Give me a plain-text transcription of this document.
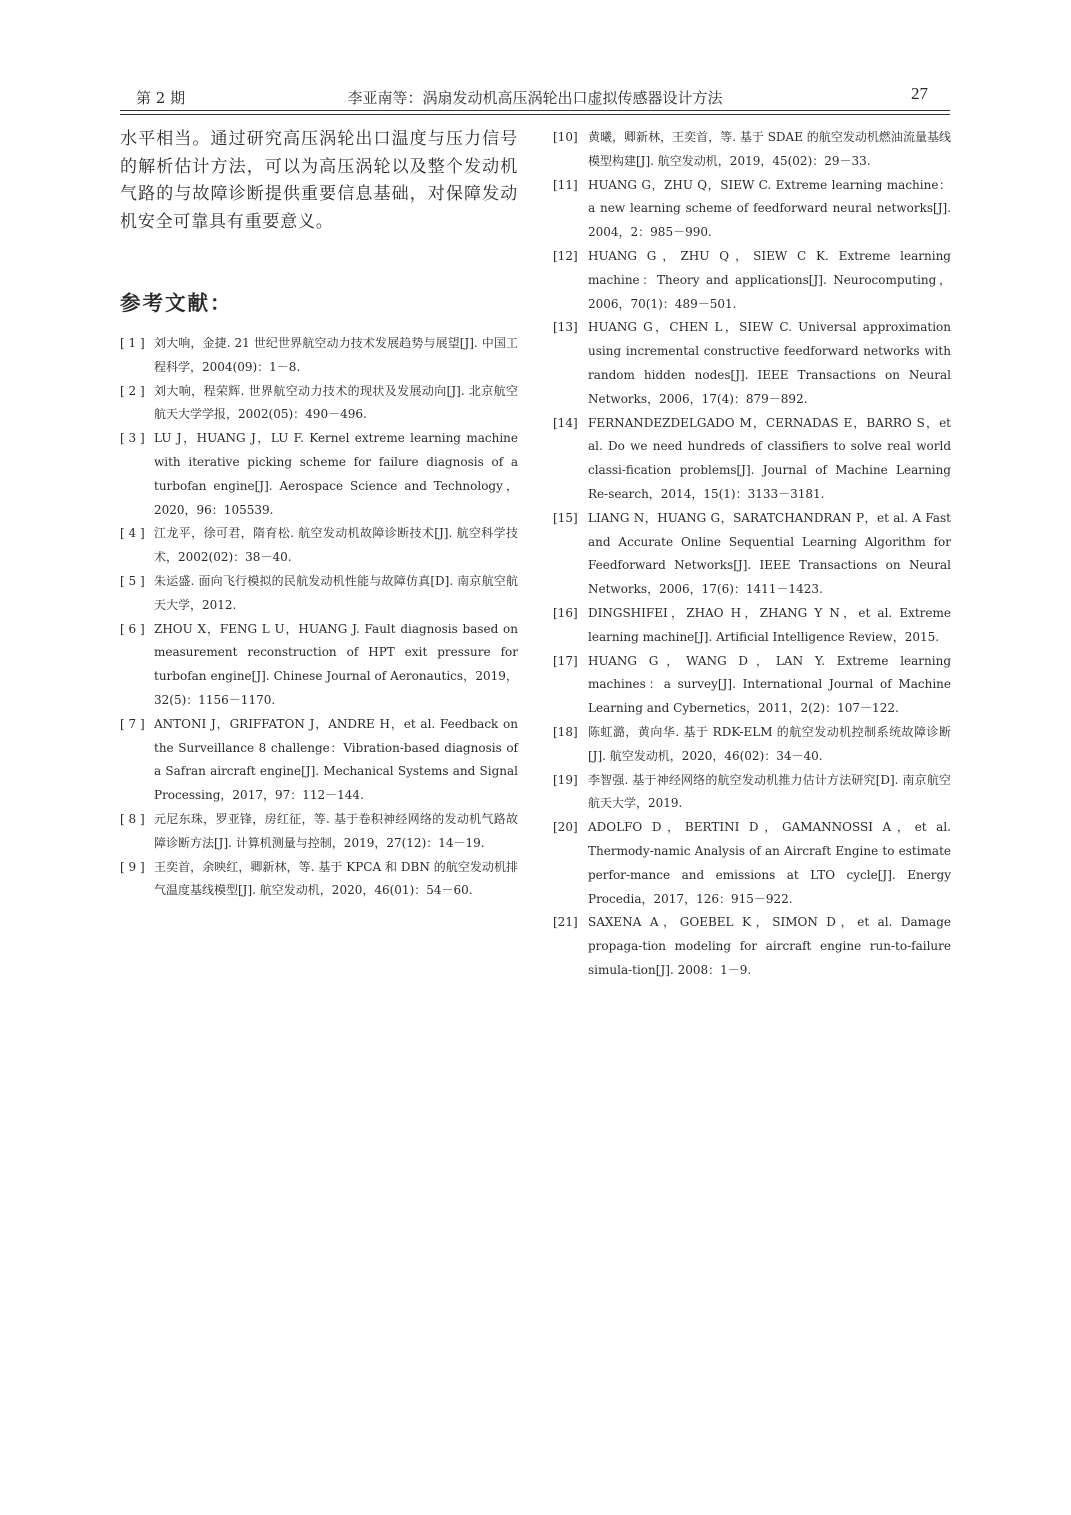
第 2 期	李亚南等：涡扇发动机高压涡轮出口虚拟传感器设计方法	27

水平相当。通过研究高压涡轮出口温度与压力信号的解析估计方法，可以为高压涡轮以及整个发动机气路的与故障诊断提供重要信息基础，对保障发动机安全可靠具有重要意义。

参考文献：

[ 1 ] 刘大响，金捷. 21 世纪世界航空动力技术发展趋势与展望[J]. 中国工程科学，2004(09)：1－8.

[ 2 ] 刘大响，程荣辉. 世界航空动力技术的现状及发展动向[J]. 北京航空航天大学学报，2002(05)：490－496.

[ 3 ] LU J，HUANG J，LU F. Kernel extreme learning machine with iterative picking scheme for failure diagnosis of a turbofan engine[J]. Aerospace Science and Technology，2020，96：105539.

[ 4 ] 江龙平，徐可君，隋育松. 航空发动机故障诊断技术[J]. 航空科学技术，2002(02)：38－40.

[ 5 ] 朱运盛. 面向飞行模拟的民航发动机性能与故障仿真[D]. 南京航空航天大学，2012.

[ 6 ] ZHOU X，FENG L U，HUANG J. Fault diagnosis based on measurement reconstruction of HPT exit pressure for turbofan engine[J]. Chinese Journal of Aeronautics，2019，32(5)：1156－1170.

[ 7 ] ANTONI J，GRIFFATON J，ANDRE H，et al. Feedback on the Surveillance 8 challenge：Vibration-based diagnosis of a Safran aircraft engine[J]. Mechanical Systems and Signal Processing，2017，97：112－144.

[ 8 ] 元尼东珠，罗亚锋，房红征，等. 基于卷积神经网络的发动机气路故障诊断方法[J]. 计算机测量与控制，2019，27(12)：14－19.

[ 9 ] 王奕首，余映红，卿新林，等. 基于 KPCA 和 DBN 的航空发动机排气温度基线模型[J]. 航空发动机，2020，46(01)：54－60.

[10] 黄曦，卿新林，王奕首，等. 基于 SDAE 的航空发动机燃油流量基线模型构建[J]. 航空发动机，2019，45(02)：29－33.

[11] HUANG G，ZHU Q，SIEW C. Extreme learning machine：a new learning scheme of feedforward neural networks[J]. 2004，2：985－990.

[12] HUANG G，ZHU Q，SIEW C K. Extreme learning machine：Theory and applications[J]. Neurocomputing，2006，70(1)：489－501.

[13] HUANG G，CHEN L，SIEW C. Universal approximation using incremental constructive feedforward networks with random hidden nodes[J]. IEEE Transactions on Neural Networks，2006，17(4)：879－892.

[14] FERNANDEZDELGADO M，CERNADAS E，BARRO S，et al. Do we need hundreds of classifiers to solve real world classi-fication problems[J]. Journal of Machine Learning Re-search，2014，15(1)：3133－3181.

[15] LIANG N，HUANG G，SARATCHANDRAN P，et al. A Fast and Accurate Online Sequential Learning Algorithm for Feedforward Networks[J]. IEEE Transactions on Neural Networks，2006，17(6)：1411－1423.

[16] DINGSHIFEI，ZHAO H，ZHANG Y N，et al. Extreme learning machine[J]. Artificial Intelligence Review，2015.

[17] HUANG G，WANG D，LAN Y. Extreme learning machines：a survey[J]. International Journal of Machine Learning and Cybernetics，2011，2(2)：107－122.

[18] 陈虹潞，黄向华. 基于 RDK-ELM 的航空发动机控制系统故障诊断[J]. 航空发动机，2020，46(02)：34－40.

[19] 李智强. 基于神经网络的航空发动机推力估计方法研究[D]. 南京航空航天大学，2019.

[20] ADOLFO D，BERTINI D，GAMANNOSSI A，et al. Thermody-namic Analysis of an Aircraft Engine to estimate perfor-mance and emissions at LTO cycle[J]. Energy Procedia，2017，126：915－922.

[21] SAXENA A，GOEBEL K，SIMON D，et al. Damage propaga-tion modeling for aircraft engine run-to-failure simula-tion[J]. 2008：1－9.
